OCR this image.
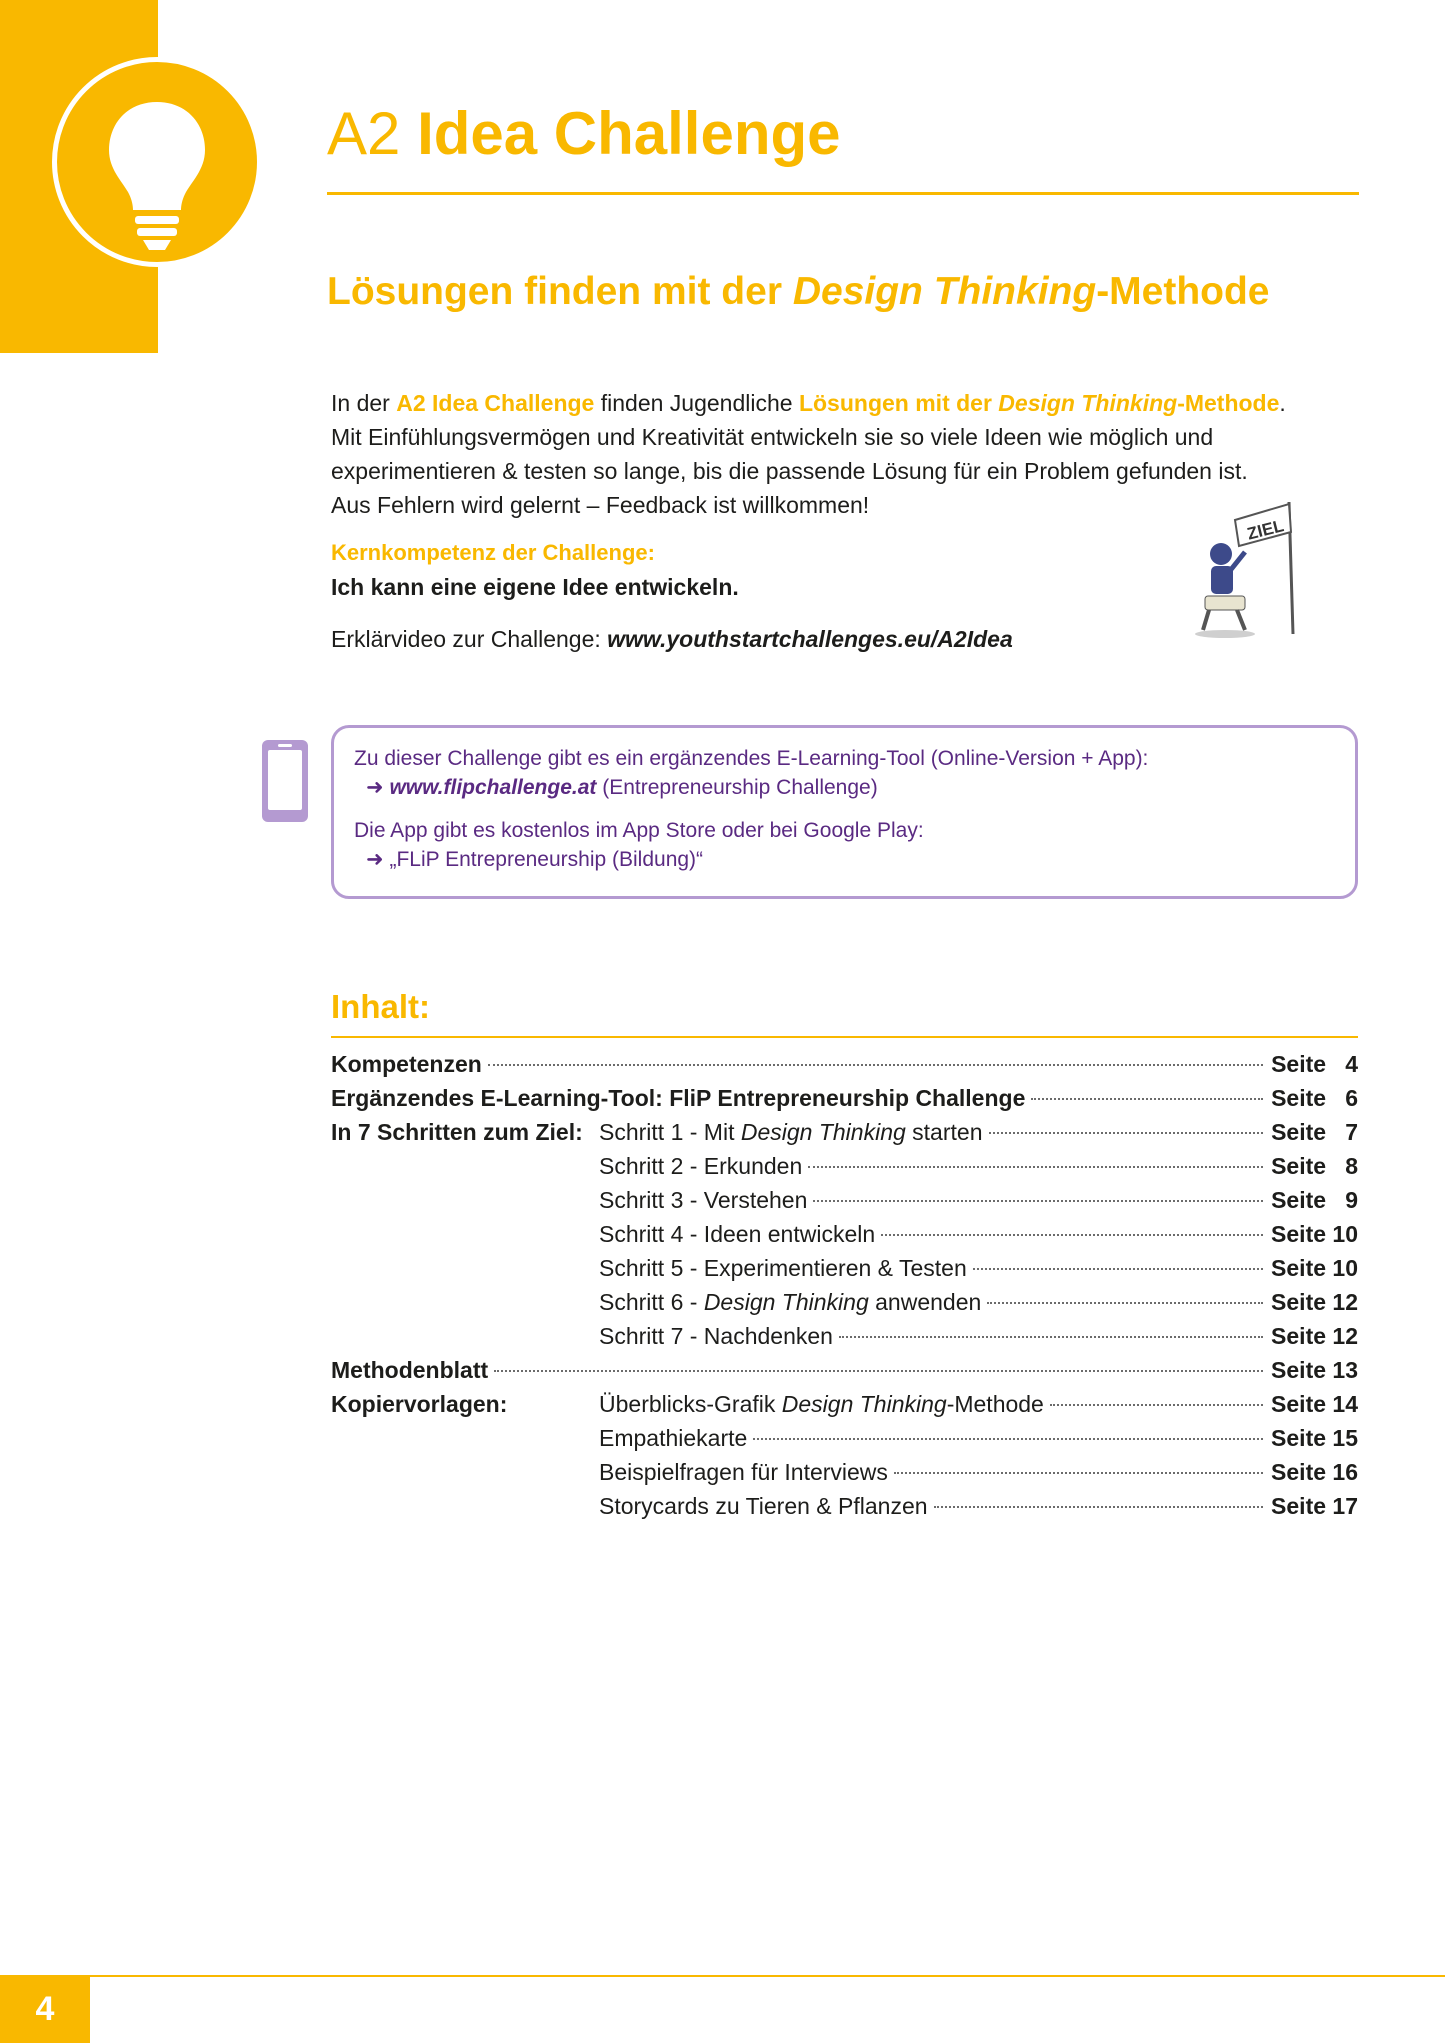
A2 Idea Challenge
Lösungen finden mit der Design Thinking-Methode

In der A2 Idea Challenge finden Jugendliche Lösungen mit der Design Thinking-Methode.
Mit Einfühlungsvermögen und Kreativität entwickeln sie so viele Ideen wie möglich und
experimentieren & testen so lange, bis die passende Lösung für ein Problem gefunden ist.
Aus Fehlern wird gelernt – Feedback ist willkommen!

Kernkompetenz der Challenge:

Ich kann eine eigene Idee entwickeln.

Erklärvideo zur Challenge: www.youthstartchallenges.eu/A2Idea

ZIEL

Zu dieser Challenge gibt es ein ergänzendes E-Learning-Tool (Online-Version + App):

➜ www.flipchallenge.at (Entrepreneurship Challenge)

Die App gibt es kostenlos im App Store oder bei Google Play:

➜ „FLiP Entrepreneurship (Bildung)“

Inhalt:
Kompetenzen	Seite   4
Ergänzendes E-Learning-Tool: FliP Entrepreneurship Challenge	Seite   6
In 7 Schritten zum Ziel: Schritt 1 - Mit Design Thinking starten	Seite   7
Schritt 2 - Erkunden	Seite   8
Schritt 3 - Verstehen	Seite   9
Schritt 4 - Ideen entwickeln	Seite 10
Schritt 5 - Experimentieren & Testen	Seite 10
Schritt 6 - Design Thinking anwenden	Seite 12
Schritt 7 - Nachdenken	Seite 12
Methodenblatt	Seite 13
Kopiervorlagen:	Überblicks-Grafik Design Thinking-Methode	Seite 14
Empathiekarte	Seite 15
Beispielfragen für Interviews	Seite 16
Storycards zu Tieren & Pflanzen	Seite 17
4
